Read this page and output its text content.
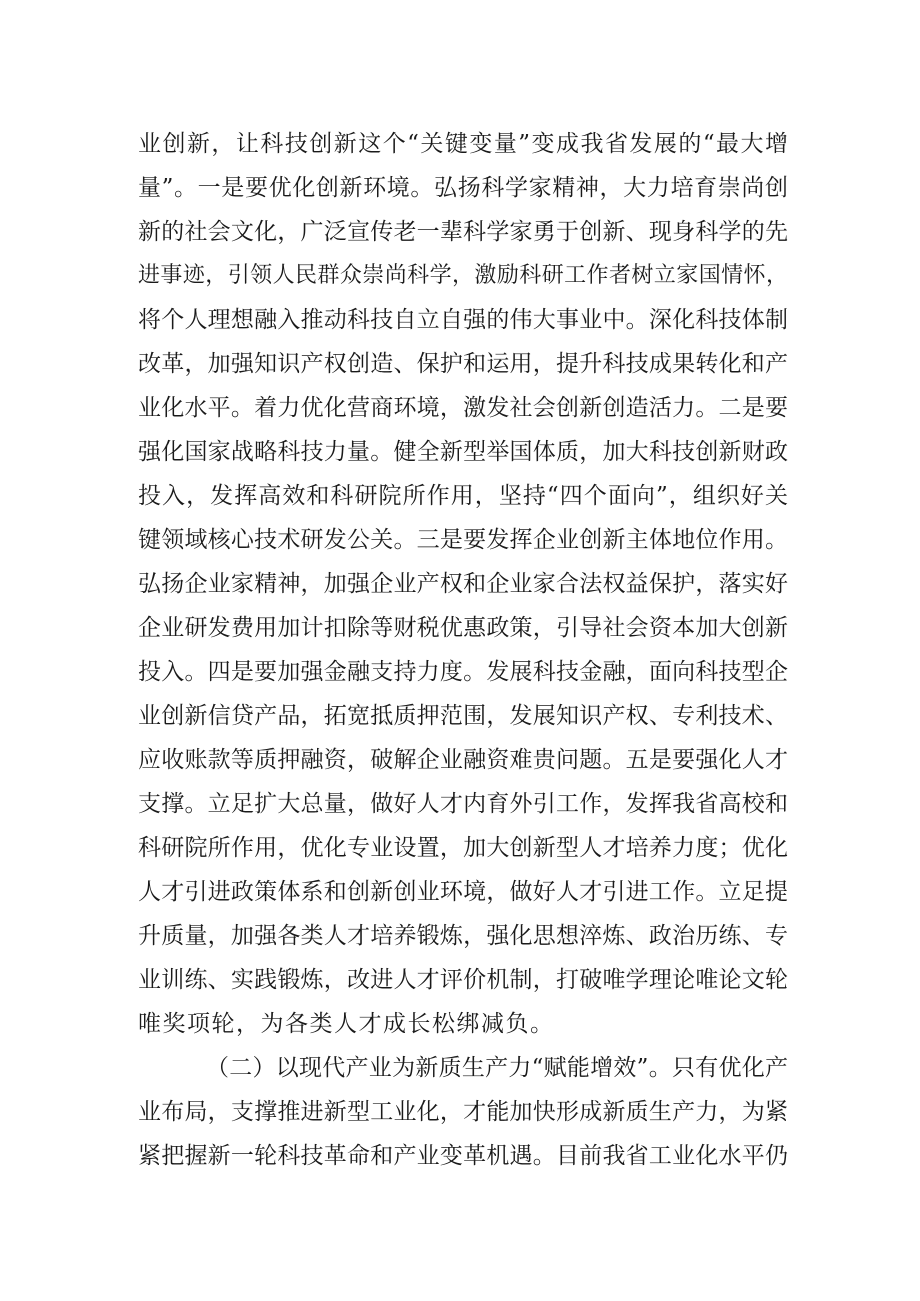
业创新，让科技创新这个“关键变量”变成我省发展的“最大增
量”。一是要优化创新环境。弘扬科学家精神，大力培育崇尚创
新的社会文化，广泛宣传老一辈科学家勇于创新、现身科学的先
进事迹，引领人民群众崇尚科学，激励科研工作者树立家国情怀，
将个人理想融入推动科技自立自强的伟大事业中。深化科技体制
改革，加强知识产权创造、保护和运用，提升科技成果转化和产
业化水平。着力优化营商环境，激发社会创新创造活力。二是要
强化国家战略科技力量。健全新型举国体质，加大科技创新财政
投入，发挥高效和科研院所作用，坚持“四个面向”，组织好关
键领域核心技术研发公关。三是要发挥企业创新主体地位作用。
弘扬企业家精神，加强企业产权和企业家合法权益保护，落实好
企业研发费用加计扣除等财税优惠政策，引导社会资本加大创新
投入。四是要加强金融支持力度。发展科技金融，面向科技型企
业创新信贷产品，拓宽抵质押范围，发展知识产权、专利技术、
应收账款等质押融资，破解企业融资难贵问题。五是要强化人才
支撑。立足扩大总量，做好人才内育外引工作，发挥我省高校和
科研院所作用，优化专业设置，加大创新型人才培养力度；优化
人才引进政策体系和创新创业环境，做好人才引进工作。立足提
升质量，加强各类人才培养锻炼，强化思想淬炼、政治历练、专
业训练、实践锻炼，改进人才评价机制，打破唯学理论唯论文轮
唯奖项轮，为各类人才成长松绑减负。
（二）以现代产业为新质生产力“赋能增效”。只有优化产
业布局，支撑推进新型工业化，才能加快形成新质生产力，为紧
紧把握新一轮科技革命和产业变革机遇。目前我省工业化水平仍
